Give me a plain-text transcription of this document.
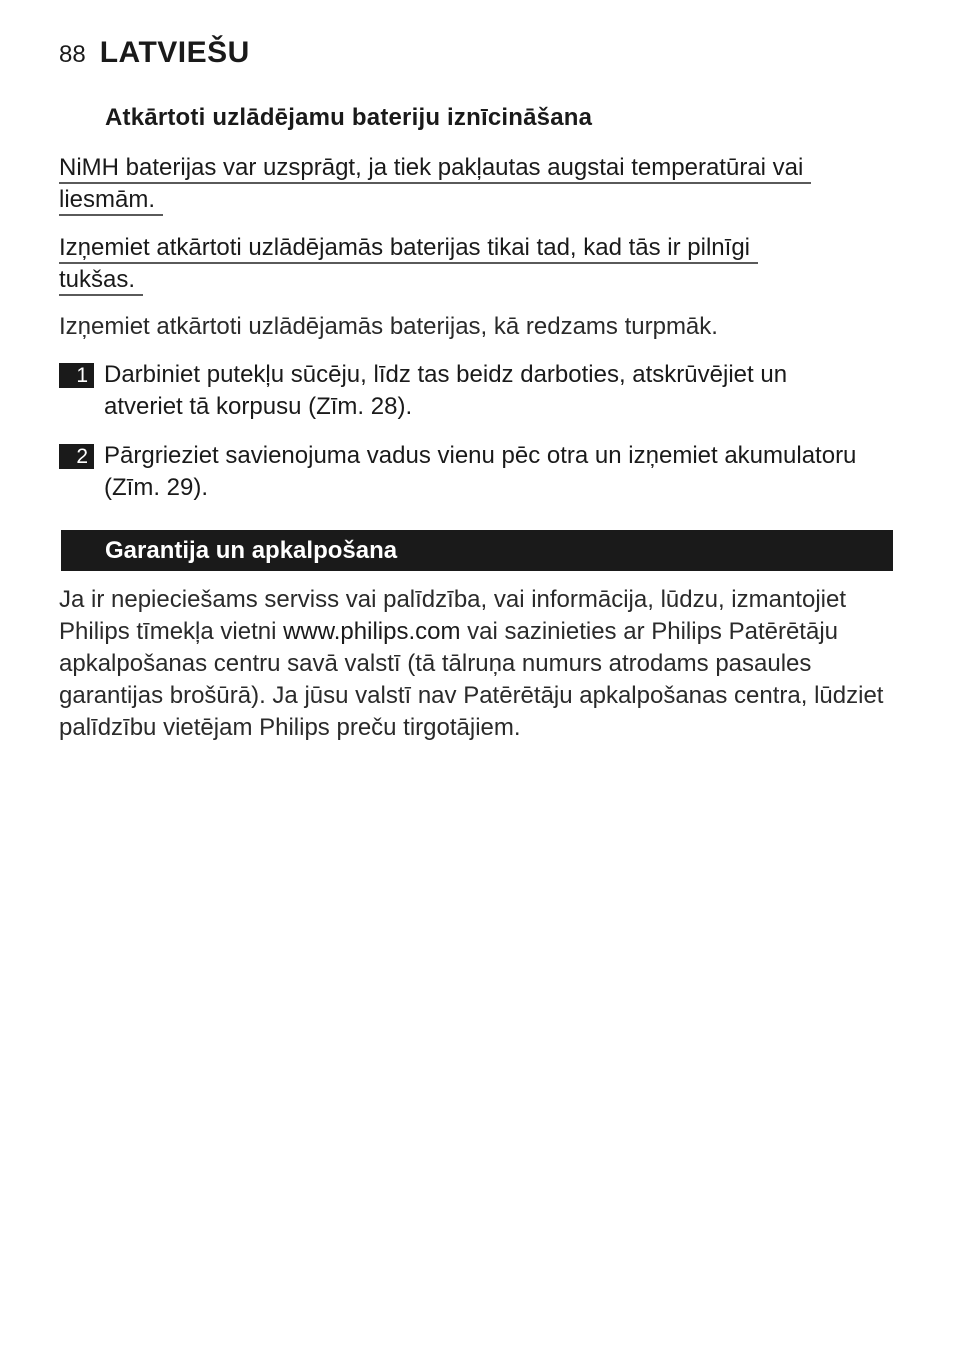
88 LATVIEŠU
Atkārtoti uzlādējamu bateriju iznīcināšana

NiMH baterijas var uzsprāgt, ja tiek pakļautas augstai temperatūrai vai
liesmām.

Izņemiet atkārtoti uzlādējamās baterijas tikai tad, kad tās ir pilnīgi
tukšas.

Izņemiet atkārtoti uzlādējamās baterijas, kā redzams turpmāk.

1 Darbiniet putekļu sūcēju, līdz tas beidz darboties, atskrūvējiet un atveriet tā korpusu (Zīm. 28).
2 Pārgrieziet savienojuma vadus vienu pēc otra un izņemiet akumulatoru (Zīm. 29).
Garantija un apkalpošana

Ja ir nepieciešams serviss vai palīdzība, vai informācija, lūdzu, izmantojiet Philips tīmekļa vietni www.philips.com vai sazinieties ar Philips Patērētāju apkalpošanas centru savā valstī (tā tālruņa numurs atrodams pasaules garantijas brošūrā). Ja jūsu valstī nav Patērētāju apkalpošanas centra, lūdziet palīdzību vietējam Philips preču tirgotājiem.
